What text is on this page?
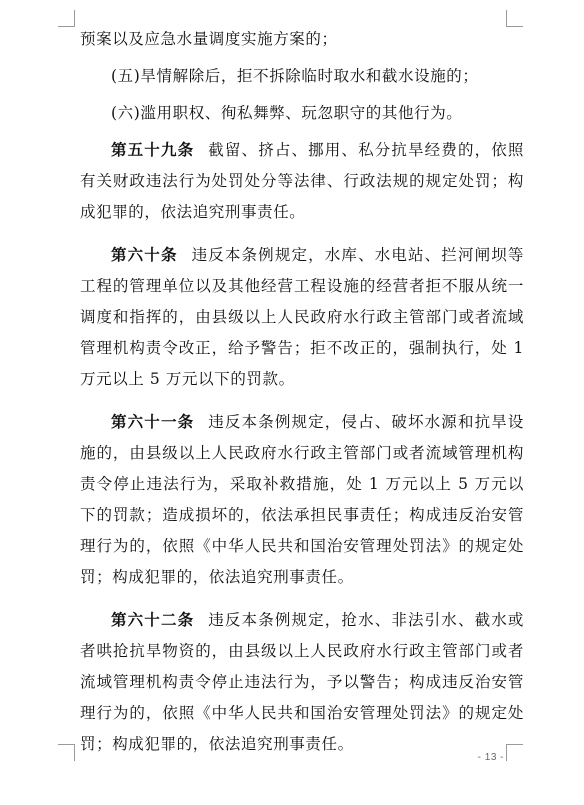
预案以及应急水量调度实施方案的；

(五)旱情解除后，拒不拆除临时取水和截水设施的；

(六)滥用职权、徇私舞弊、玩忽职守的其他行为。

第五十九条 截留、挤占、挪用、私分抗旱经费的，依照有关财政违法行为处罚处分等法律、行政法规的规定处罚；构成犯罪的，依法追究刑事责任。

第六十条 违反本条例规定，水库、水电站、拦河闸坝等工程的管理单位以及其他经营工程设施的经营者拒不服从统一调度和指挥的，由县级以上人民政府水行政主管部门或者流域管理机构责令改正，给予警告；拒不改正的，强制执行，处 1 万元以上 5 万元以下的罚款。

第六十一条 违反本条例规定，侵占、破坏水源和抗旱设施的，由县级以上人民政府水行政主管部门或者流域管理机构责令停止违法行为，采取补救措施，处 1 万元以上 5 万元以下的罚款；造成损坏的，依法承担民事责任；构成违反治安管理行为的，依照《中华人民共和国治安管理处罚法》的规定处罚；构成犯罪的，依法追究刑事责任。

第六十二条 违反本条例规定，抢水、非法引水、截水或者哄抢抗旱物资的，由县级以上人民政府水行政主管部门或者流域管理机构责令停止违法行为，予以警告；构成违反治安管理行为的，依照《中华人民共和国治安管理处罚法》的规定处罚；构成犯罪的，依法追究刑事责任。

- 13 -
